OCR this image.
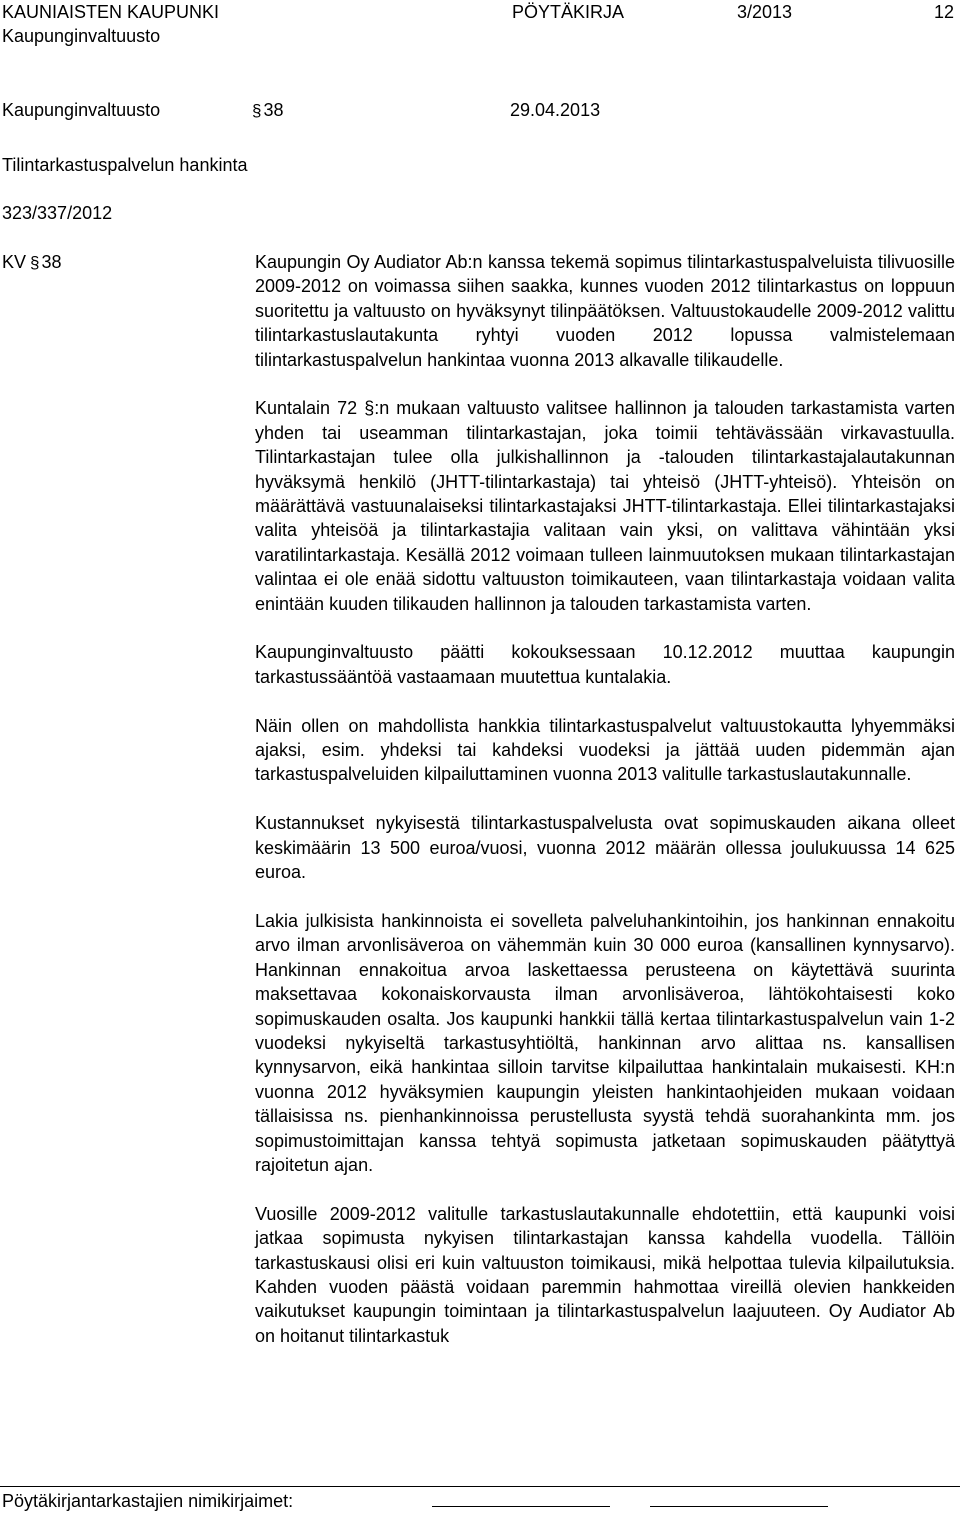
KAUNIAISTEN KAUPUNKI	PÖYTÄKIRJA	3/2013	12
Kaupunginvaltuusto
Kaupunginvaltuusto	§ 38	29.04.2013
Tilintarkastuspalvelun hankinta
323/337/2012
KV § 38	Kaupungin Oy Audiator Ab:n kanssa tekemä sopimus tilintarkastuspalveluista tilivuosille 2009-2012 on voimassa siihen saakka, kunnes vuoden 2012 tilintarkastus on loppuun suoritettu ja valtuusto on hyväksynyt tilinpäätöksen. Valtuustokaudelle 2009-2012 valittu tilintarkastuslautakunta ryhtyi vuoden 2012 lopussa valmistelemaan tilintarkastuspalvelun hankintaa vuonna 2013 alkavalle tilikaudelle.

Kuntalain 72 §:n mukaan valtuusto valitsee hallinnon ja talouden tarkastamista varten yhden tai useamman tilintarkastajan, joka toimii tehtävässään virkavastuulla. Tilintarkastajan tulee olla julkishallinnon ja -talouden tilintarkastajalautakunnan hyväksymä henkilö (JHTT-tilintarkastaja) tai yhteisö (JHTT-yhteisö). Yhteisön on määrättävä vastuunalaiseksi tilintarkastajaksi JHTT-tilintarkastaja. Ellei tilintarkastajaksi valita yhteisöä ja tilintarkastajia valitaan vain yksi, on valittava vähintään yksi varatilintarkastaja. Kesällä 2012 voimaan tulleen lainmuutoksen mukaan tilintarkastajan valintaa ei ole enää sidottu valtuuston toimikauteen, vaan tilintarkastaja voidaan valita enintään kuuden tilikauden hallinnon ja talouden tarkastamista varten.

Kaupunginvaltuusto päätti kokouksessaan 10.12.2012 muuttaa kaupungin tarkastussääntöä vastaamaan muutettua kuntalakia.

Näin ollen on mahdollista hankkia tilintarkastuspalvelut valtuustokautta lyhyemmäksi ajaksi, esim. yhdeksi tai kahdeksi vuodeksi ja jättää uuden pidemmän ajan tarkastuspalveluiden kilpailuttaminen vuonna 2013 valitulle tarkastuslautakunnalle.

Kustannukset nykyisestä tilintarkastuspalvelusta ovat sopimuskauden aikana olleet keskimäärin 13 500 euroa/vuosi, vuonna 2012 määrän ollessa joulukuussa 14 625 euroa.

Lakia julkisista hankinnoista ei sovelleta palveluhankintoihin, jos hankinnan ennakoitu arvo ilman arvonlisäveroa on vähemmän kuin 30 000 euroa (kansallinen kynnysarvo). Hankinnan ennakoitua arvoa laskettaessa perusteena on käytettävä suurinta maksettavaa kokonaiskorvausta ilman arvonlisäveroa, lähtökohtaisesti koko sopimuskauden osalta. Jos kaupunki hankkii tällä kertaa tilintarkastuspalvelun vain 1-2 vuodeksi nykyiseltä tarkastusyhtiöltä, hankinnan arvo alittaa ns. kansallisen kynnysarvon, eikä hankintaa silloin tarvitse kilpailuttaa hankintalain mukaisesti. KH:n vuonna 2012 hyväksymien kaupungin yleisten hankintaohjeiden mukaan voidaan tällaisissa ns. pienhankinnoissa perustellusta syystä tehdä suorahankinta mm. jos sopimustoimittajan kanssa tehtyä sopimusta jatketaan sopimuskauden päätyttyä rajoitetun ajan.

Vuosille 2009-2012 valitulle tarkastuslautakunnalle ehdotettiin, että kaupunki voisi jatkaa sopimusta nykyisen tilintarkastajan kanssa kahdella vuodella. Tällöin tarkastuskausi olisi eri kuin valtuuston toimikausi, mikä helpottaa tulevia kilpailutuksia. Kahden vuoden päästä voidaan paremmin hahmottaa vireillä olevien hankkeiden vaikutukset kaupungin toimintaan ja tilintarkastuspalvelun laajuuteen. Oy Audiator Ab on hoitanut tilintarkastuk

Pöytäkirjantarkastajien nimikirjaimet:
